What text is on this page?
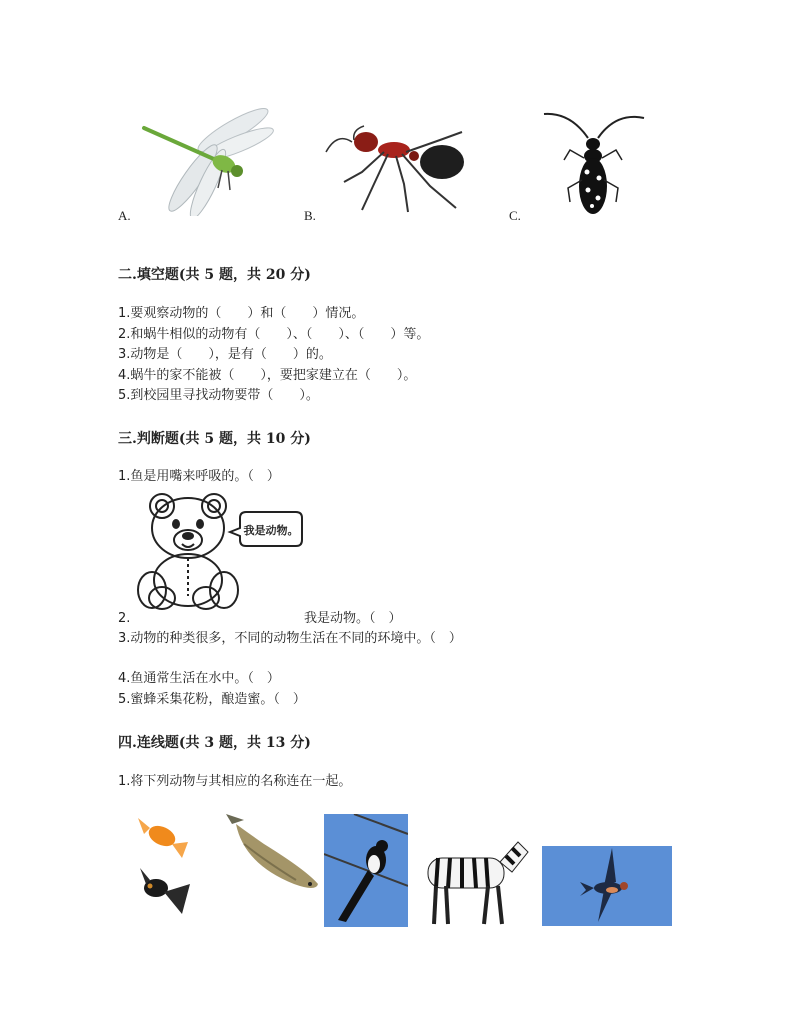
A.	B.	C.
二.填空题(共 5 题，共 20 分)
1.要观察动物的（　　）和（　　）情况。
2.和蜗牛相似的动物有（　　）、（　　）、（　　）等。
3.动物是（　　），是有（　　）的。
4.蜗牛的家不能被（　　），要把家建立在（　　）。
5.到校园里寻找动物要带（　　）。
三.判断题(共 5 题，共 10 分)
1.鱼是用嘴来呼吸的。（　）
我是动物。
2.	我是动物。（　）
3.动物的种类很多，不同的动物生活在不同的环境中。（　）
4.鱼通常生活在水中。（　）
5.蜜蜂采集花粉，酿造蜜。（　）
四.连线题(共 3 题，共 13 分)
1.将下列动物与其相应的名称连在一起。
